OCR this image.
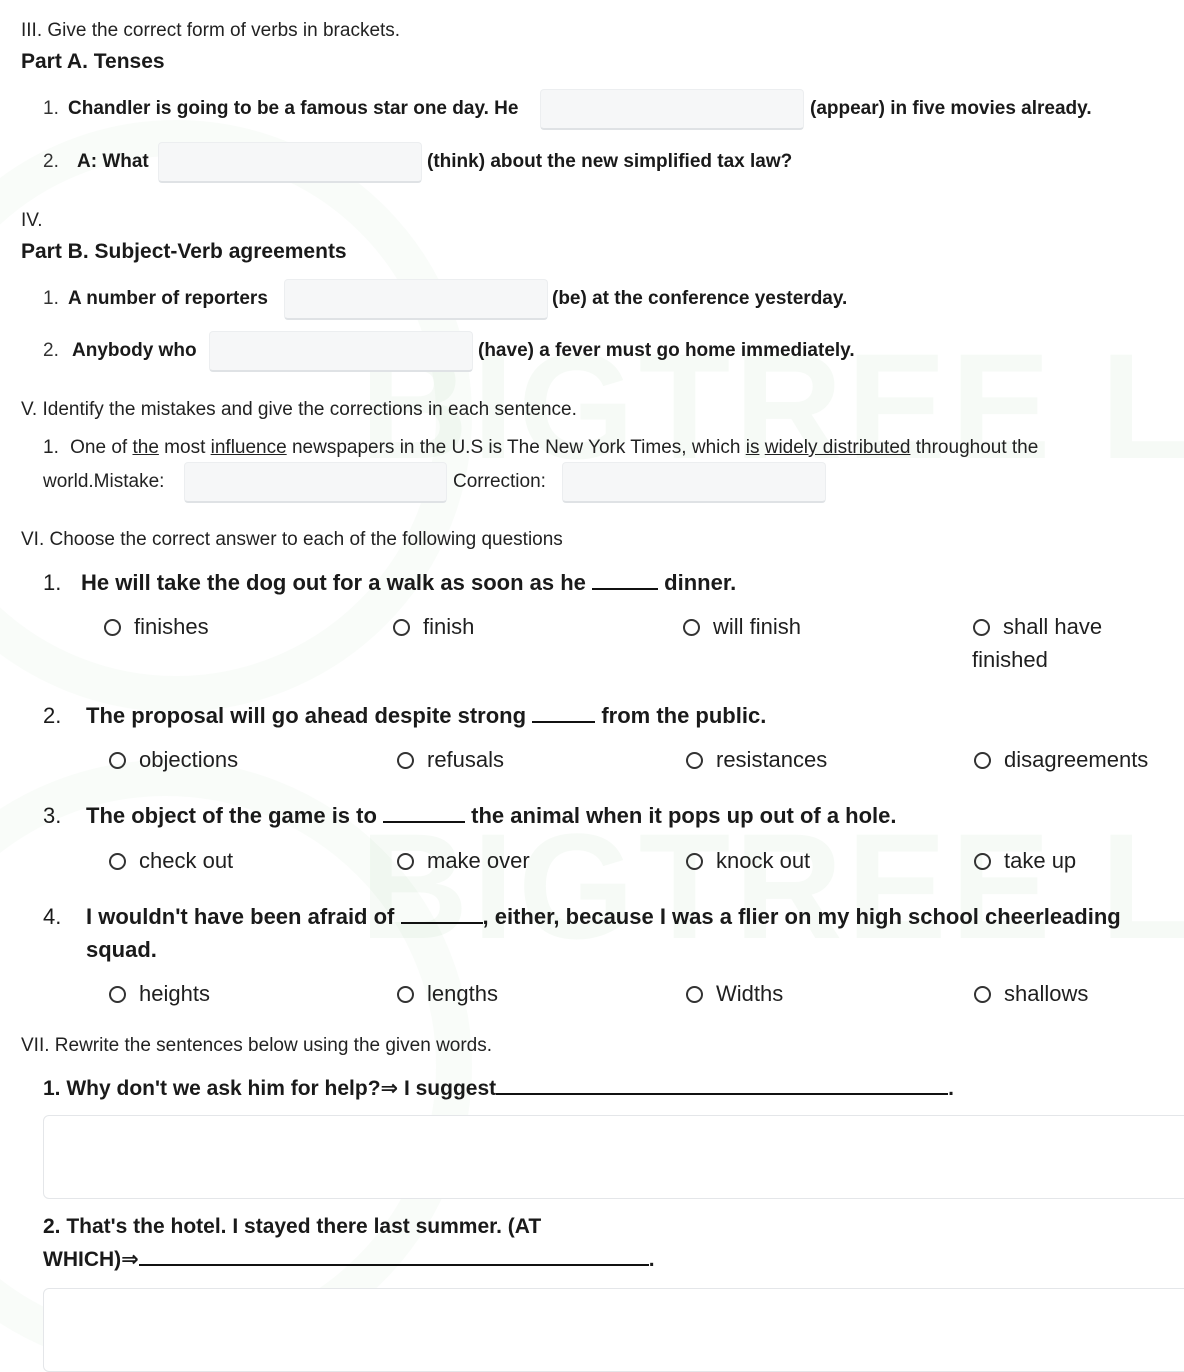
III. Give the correct form of verbs in brackets.
Part A. Tenses
1. Chandler is going to be a famous star one day. He	(appear) in five movies already.
2. A: What	(think) about the new simplified tax law?
IV.
Part B. Subject-Verb agreements
1. A number of reporters	(be) at the conference yesterday.
2. Anybody who	(have) a fever must go home immediately.
V. Identify the mistakes and give the corrections in each sentence.
1. One of the most influence newspapers in the U.S is The New York Times, which is widely distributed throughout the
world.Mistake:	Correction:
VI. Choose the correct answer to each of the following questions
1. He will take the dog out for a walk as soon as he	dinner.
finishes	finish	will finish	shall have
finished
2. The proposal will go ahead despite strong	from the public.
objections	refusals	resistances	disagreements
3. The object of the game is to	the animal when it pops up out of a hole.
check out	make over	knock out	take up
4. I wouldn't have been afraid of	, either, because I was a flier on my high school cheerleading
squad.
heights	lengths	Widths	shallows
VII. Rewrite the sentences below using the given words.
1. Why don't we ask him for help?⇒ I suggest	.
2. That's the hotel. I stayed there last summer. (AT
WHICH)⇒	.
